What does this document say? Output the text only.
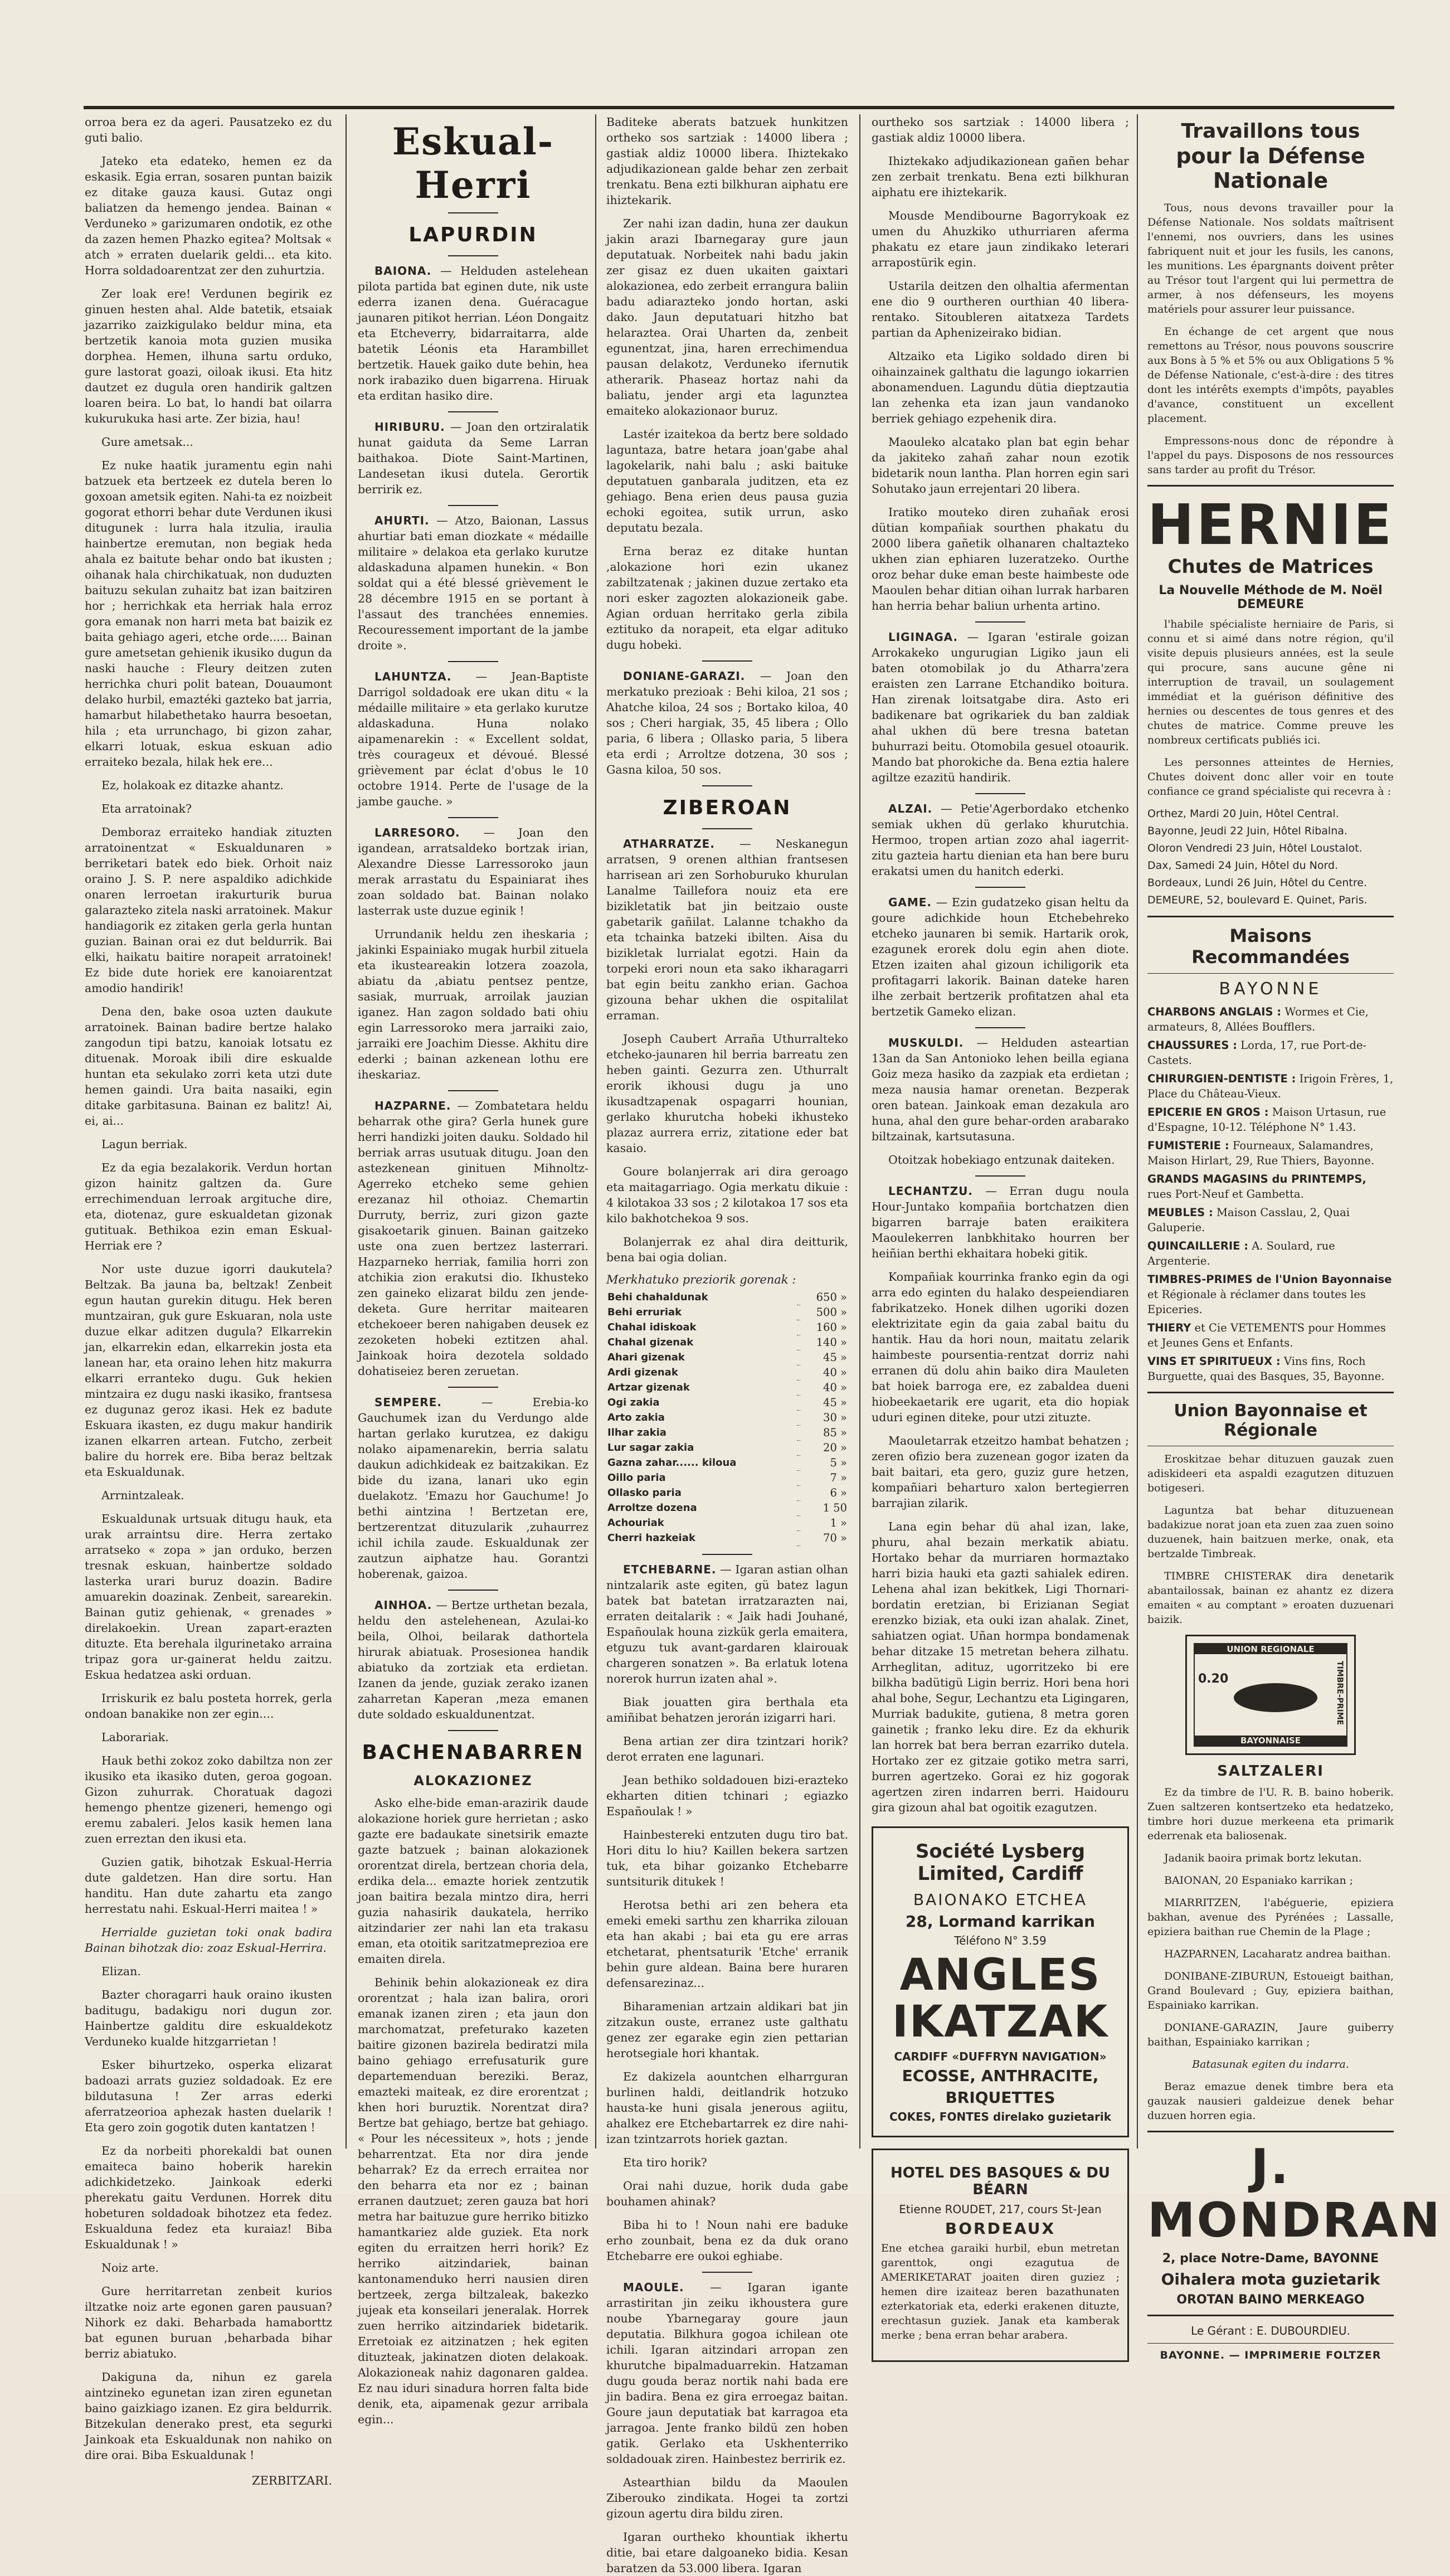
orroa bera ez da ageri. Pausatzeko ez du guti balio.

Jateko eta edateko, hemen ez da eskasik. Egia erran, sosaren puntan baizik ez ditake gauza kausi. Gutaz ongi baliatzen da hemengo jendea. Bainan « Verduneko » garizumaren ondotik, ez othe da zazen hemen Phazko egitea? Moltsak « atch » erraten duelarik geldi... eta kito. Horra soldadoarentzat zer den zuhurtzia.

Zer loak ere! Verdunen begirik ez ginuen hesten ahal. Alde batetik, etsaiak jazarriko zaizkigulako beldur mina, eta bertzetik kanoia mota guzien musika dorphea. Hemen, ilhuna sartu orduko, gure lastorat goazi, oiloak ikusi. Eta hitz dautzet ez dugula oren handirik galtzen loaren beira. Lo bat, lo handi bat oilarra kukurukuka hasi arte. Zer bizia, hau!

Gure ametsak...

Ez nuke haatik juramentu egin nahi batzuek eta bertzeek ez dutela beren lo goxoan ametsik egiten. Nahi-ta ez noizbeit gogorat ethorri behar dute Verdunen ikusi ditugunek : lurra hala itzulia, iraulia hainbertze eremutan, non begiak heda ahala ez baitute behar ondo bat ikusten ; oihanak hala chirchikatuak, non duduzten baituzu sekulan zuhaitz bat izan baitziren hor ; herrichkak eta herriak hala erroz gora emanak non harri meta bat baizik ez baita gehiago ageri, etche orde..... Bainan gure ametsetan gehienik ikusiko dugun da naski hauche : Fleury deitzen zuten herrichka churi polit batean, Douaumont delako hurbil, emaztéki gazteko bat jarria, hamarbut hilabethetako haurra besoetan, hila ; eta urrunchago, bi gizon zahar, elkarri lotuak, eskua eskuan adio erraiteko bezala, hilak hek ere...

Ez, holakoak ez ditazke ahantz.

Eta arratoinak?

Demboraz erraiteko handiak zituzten arratoinentzat « Eskualdunaren » berriketari batek edo biek. Orhoit naiz oraino J. S. P. nere aspaldiko adichkide onaren lerroetan irakurturik burua galarazteko zitela naski arratoinek. Makur handiagorik ez zitaken gerla gerla huntan guzian. Bainan orai ez dut beldurrik. Bai elki, haikatu baitire norapeit arratoinek! Ez bide dute horiek ere kanoiarentzat amodio handirik!

Dena den, bake osoa uzten daukute arratoinek. Bainan badire bertze halako zangodun tipi batzu, kanoiak lotsatu ez dituenak. Moroak ibili dire eskualde huntan eta sekulako zorri keta utzi dute hemen gaindi. Ura baita nasaiki, egin ditake garbitasuna. Bainan ez balitz! Ai, ei, ai...

Lagun berriak.

Ez da egia bezalakorik. Verdun hortan gizon hainitz galtzen da. Gure errechimenduan lerroak argituche dire, eta, diotenaz, gure eskualdetan gizonak gutituak. Bethikoa ezin eman Eskual-Herriak ere ?

Nor uste duzue igorri daukutela? Beltzak. Ba jauna ba, beltzak! Zenbeit egun hautan gurekin ditugu. Hek beren muntzairan, guk gure Eskuaran, nola uste duzue elkar aditzen dugula? Elkarrekin jan, elkarrekin edan, elkarrekin josta eta lanean har, eta oraino lehen hitz makurra elkarri erranteko dugu. Guk hekien mintzaira ez dugu naski ikasiko, frantsesa ez dugunaz geroz ikasi. Hek ez badute Eskuara ikasten, ez dugu makur handirik izanen elkarren artean. Futcho, zerbeit balire du horrek ere. Biba beraz beltzak eta Eskualdunak.

Arrnintzaleak.

Eskualdunak urtsuak ditugu hauk, eta urak arraintsu dire. Herra zertako arratseko « zopa » jan orduko, berzen tresnak eskuan, hainbertze soldado lasterka urari buruz doazin. Badire amuarekin doazinak. Zenbeit, sarearekin. Bainan gutiz gehienak, « grenades » direlakoekin. Urean zapart-erazten dituzte. Eta berehala ilgurinetako arraina tripaz gora ur-gainerat heldu zaitzu. Eskua hedatzea aski orduan.

Irriskurik ez balu posteta horrek, gerla ondoan banakike non zer egin....

Laborariak.

Hauk bethi zokoz zoko dabiltza non zer ikusiko eta ikasiko duten, geroa gogoan. Gizon zuhurrak. Choratuak dagozi hemengo phentze gizeneri, hemengo ogi eremu zabaleri. Jelos kasik hemen lana zuen erreztan den ikusi eta.

Guzien gatik, bihotzak Eskual-Herria dute galdetzen. Han dire sortu. Han handitu. Han dute zahartu eta zango herrestatu nahi. Eskual-Herri maitea ! »

Herrialde guzietan toki onak badira Bainan bihotzak dio: zoaz Eskual-Herrira.

Elizan.

Bazter choragarri hauk oraino ikusten baditugu, badakigu nori dugun zor. Hainbertze galditu dire eskualdekotz Verduneko kualde hitzgarrietan !

Esker bihurtzeko, osperka elizarat badoazi arrats guziez soldadoak. Ez ere bildutasuna ! Zer arras ederki aferratzeorioa aphezak hasten duelarik ! Eta gero zoin gogotik duten kantatzen !

Ez da norbeiti phorekaldi bat ounen emaiteca baino hoberik harekin adichkidetzeko. Jainkoak ederki pherekatu gaitu Verdunen. Horrek ditu hobeturen soldadoak bihotzez eta fedez. Eskualduna fedez eta kuraiaz! Biba Eskualdunak ! »

Noiz arte.

Gure herritarretan zenbeit kurios iltzatke noiz arte egonen garen pausuan? Nihork ez daki. Beharbada hamaborttz bat egunen buruan ,beharbada bihar berriz abiatuko.

Dakiguna da, nihun ez garela aintzineko egunetan izan ziren egunetan baino gaizkiago izanen. Ez gira beldurrik. Bitzekulan denerako prest, eta segurki Jainkoak eta Eskualdunak non nahiko on dire orai. Biba Eskualdunak !

ZERBITZARI.
Eskual-Herri
LAPURDIN

BAIONA. — Helduden astelehean pilota partida bat eginen dute, nik uste ederra izanen dena. Guéracague jaunaren pitikot herrian. Léon Dongaitz eta Etcheverry, bidarraitarra, alde batetik Léonis eta Harambillet bertzetik. Hauek gaiko dute behin, hea nork irabaziko duen bigarrena. Hiruak eta erditan hasiko dire.

HIRIBURU. — Joan den ortziralatik hunat gaiduta da Seme Larran baithakoa. Diote Saint-Martinen, Landesetan ikusi dutela. Gerortik berririk ez.

AHURTI. — Atzo, Baionan, Lassus ahurtiar bati eman diozkate « médaille militaire » delakoa eta gerlako kurutze aldaskaduna alpamen hunekin. « Bon soldat qui a été blessé grièvement le 28 décembre 1915 en se portant à l'assaut des tranchées ennemies. Recouressement important de la jambe droite ».

LAHUNTZA. — Jean-Baptiste Darrigol soldadoak ere ukan ditu « la médaille militaire » eta gerlako kurutze aldaskaduna. Huna nolako aipamenarekin : « Excellent soldat, très courageux et dévoué. Blessé grièvement par éclat d'obus le 10 octobre 1914. Perte de l'usage de la jambe gauche. »

LARRESORO. — Joan den igandean, arratsaldeko bortzak irian, Alexandre Diesse Larressoroko jaun merak arrastatu du Espainiarat ihes zoan soldado bat. Bainan nolako lasterrak uste duzue eginik !

Urrundanik heldu zen iheskaria ; jakinki Espainiako mugak hurbil zituela eta ikusteareakin lotzera zoazola, abiatu da ,abiatu pentsez pentze, sasiak, murruak, arroilak jauzian iganez. Han zagon soldado bati ohiu egin Larressoroko mera jarraiki zaio, jarraiki ere Joachim Diesse. Akhitu dire ederki ; bainan azkenean lothu ere iheskariaz.

HAZPARNE. — Zombatetara heldu beharrak othe gira? Gerla hunek gure herri handizki joiten dauku. Soldado hil berriak arras usutuak ditugu. Joan den astezkenean ginituen Mihnoltz-Agerreko etcheko seme gehien erezanaz hil othoiaz. Chemartin Durruty, berriz, zuri gizon gazte gisakoetarik ginuen. Bainan gaitzeko uste ona zuen bertzez lasterrari. Hazparneko herriak, familia horri zon atchikia zion erakutsi dio. Ikhusteko zen gaineko elizarat bildu zen jende-deketa. Gure herritar maitearen etchekoeer beren nahigaben deusek ez zezoketen hobeki eztitzen ahal. Jainkoak hoira dezotela soldado dohatiseiez beren zeruetan.

SEMPERE.	— Erebia-ko Gauchumek izan du Verdungo alde hartan gerlako kurutzea, ez dakigu nolako aipamenarekin, berria salatu daukun adichkideak ez baitzakikan. Ez bide du izana, lanari uko egin duelakotz. 'Emazu hor Gauchume! Jo bethi aintzina ! Bertzetan ere, bertzerentzat dituzularik ,zuhaurrez ichil ichila zaude. Eskualdunak zer zautzun aiphatze hau. Gorantzi hoberenak, gaizoa.

AINHOA. — Bertze urthetan bezala, heldu den astelehenean, Azulai-ko beila, Olhoi, beilarak dathortela hirurak abiatuak. Prosesionea handik abiatuko da zortziak eta erdietan. Izanen da jende, guziak zerako izanen zaharretan Kaperan ,meza emanen dute soldado eskualdunentzat.

BACHENABARREN
ALOKAZIONEZ

Asko elhe-bide eman-arazirik daude alokazione horiek gure herrietan ; asko gazte ere badaukate sinetsirik emazte gazte batzuek ; bainan alokazionek ororentzat direla, bertzean choria dela, erdika dela... emazte horiek zentzutik joan baitira bezala mintzo dira, herri guzia nahasirik daukatela, herriko aitzindarier zer nahi lan eta trakasu eman, eta otoitik saritzatmeprezioa ere emaiten direla.

Behinik behin alokazioneak ez dira ororentzat ; hala izan balira, orori emanak izanen ziren ; eta jaun don marchomatzat, prefeturako kazeten baitire gizonen bazirela bediratzi mila baino gehiago errefusaturik gure departemenduan bereziki. Beraz, emazteki maiteak, ez dire erorentzat ; khen hori buruztik. Norentzat dira? Bertze bat gehiago, bertze bat gehiago. « Pour les nécessiteux », hots ; jende beharrentzat. Eta nor dira jende beharrak? Ez da errech erraitea nor den beharra eta nor ez ; bainan erranen dautzuet; zeren gauza bat hori metra har baituzue gure herriko bitizko hamantkariez alde guziek. Eta nork egiten du erraitzen herri horik? Ez herriko aitzindariek, bainan kantonamenduko herri nausien diren bertzeek, zerga biltzaleak, bakezko jujeak eta konseilari jeneralak. Horrek zuen herriko aitzindariek bidetarik. Erretoiak ez aitzinatzen ; hek egiten dituzteak, jakinatzen dioten delakoak. Alokazioneak nahiz dagonaren galdea. Ez nau iduri sinadura horren falta bide denik, eta, aipamenak gezur arribala egin...

Baditeke aberats batzuek hunkitzen ortheko sos sartziak : 14000 libera ; gastiak aldiz 10000 libera. Ihiztekako adjudikazionean galde behar zen zerbait trenkatu. Bena ezti bilkhuran aiphatu ere ihiztekarik.

Zer nahi izan dadin, huna zer daukun jakin arazi Ibarnegaray gure jaun deputatuak. Norbeitek nahi badu jakin zer gisaz ez duen ukaiten gaixtari alokazionea, edo zerbeit errangura baliin badu adiarazteko jondo hortan, aski dako. Jaun deputatuari hitzho bat helaraztea. Orai Uharten da, zenbeit egunentzat, jina, haren errechimendua pausan delakotz, Verduneko ifernutik atherarik. Phaseaz hortaz nahi da baliatu, jender argi eta lagunztea emaiteko alokazionaor buruz.

Lastér izaitekoa da bertz bere soldado laguntaza, batre hetara joan'gabe ahal lagokelarik, nahi balu ; aski baituke deputatuen ganbarala juditzen, eta ez gehiago. Bena erien deus pausa guzia echoki egoitea, sutik urrun, asko deputatu bezala.

Erna beraz ez ditake huntan ,alokazione hori ezin ukanez zabiltzatenak ; jakinen duzue zertako eta nori esker zagozten alokazioneik gabe. Agian orduan herritako gerla zibila eztituko da norapeit, eta elgar adituko dugu hobeki.

DONIANE-GARAZI. — Joan den merkatuko prezioak : Behi kiloa, 21 sos ; Ahatche kiloa, 24 sos ; Bortako kiloa, 40 sos ; Cheri hargiak, 35, 45 libera ; Ollo paria, 6 libera ; Ollasko paria, 5 libera eta erdi ; Arroltze dotzena, 30 sos ; Gasna kiloa, 50 sos.

ZIBEROAN

ATHARRATZE. — Neskanegun arratsen, 9 orenen althian frantsesen harrisean ari zen Sorhoburuko khurulan Lanalme Taillefora nouiz eta ere bizikletatik bat jin beitzaio ouste gabetarik gañilat. Lalanne tchakho da eta tchainka batzeki ibilten. Aisa du bizikletak lurrialat egotzi. Hain da torpeki erori noun eta sako ikharagarri bat egin beitu zankho erian. Gachoa gizouna behar ukhen die ospitalilat erraman.

Joseph Caubert Arraña Uthurralteko etcheko-jaunaren hil berria barreatu zen heben gainti. Gezurra zen. Uthurralt erorik ikhousi dugu ja uno ikusadtzapenak ospagarri hounian, gerlako khurutcha hobeki ikhusteko plazaz aurrera erriz, zitatione eder bat kasaio.

Goure bolanjerrak ari dira geroago eta maitagarriago. Ogia merkatu dikuie : 4 kilotakoa 33 sos ; 2 kilotakoa 17 sos eta kilo bakhotchekoa 9 sos.

Bolanjerrak ez ahal dira deitturik, bena bai ogia dolian.

Merkhatuko preziorik gorenak :
Behi chahaldunak		650 »
Behi erruriak		500 »
Chahal idiskoak		160 »
Chahal gizenak		140 »
Ahari gizenak		45 »
Ardi gizenak		40 »
Artzar gizenak		40 »
Ogi zakia		45 »
Arto zakia		30 »
Ilhar zakia		85 »
Lur sagar zakia		20 »
Gazna zahar...... kiloua		5 »
Oillo paria		7 »
Ollasko paria		6 »
Arroltze dozena		1 50
Achouriak		1 »
Cherri hazkeiak		70 »

ETCHEBARNE. — Igaran astian olhan nintzalarik aste egiten, gü batez lagun batek bat batetan irratzarazten nai, erraten deitalarik : « Jaik hadi Jouhané, Españoulak houna zizkük gerla emaitera, etguzu tuk avant-gardaren klairouak chargeren sonatzen ». Ba erlatuk lotena norerok hurrun izaten ahal ».

Biak jouatten gira berthala eta amiñibat behatzen jerorán izigarri hari.

Bena artian zer dira tzintzari horik? derot erraten ene lagunari.

Jean bethiko soldadouen bizi-erazteko ekharten ditien tchinari ; egiazko Españoulak ! »

Hainbestereki entzuten dugu tiro bat. Hori ditu lo hiu? Kaillen bekera sartzen tuk, eta bihar goizanko Etchebarre suntsiturik ditukek !

Herotsa bethi ari zen behera eta emeki emeki sarthu zen kharrika zilouan eta han akabi ; bai eta gu ere arras etchetarat, phentsaturik 'Etche' erranik behin gure aldean. Baina bere huraren defensarezinaz...

Biharamenian artzain aldikari bat jin zitzakun ouste, erranez uste galthatu genez zer egarake egin zien pettarian herotsegiale hori khantak.

Ez dakizela aountchen elharrguran burlinen haldi, deitlandrik hotzuko hausta-ke huni gisala jenerous agiitu, ahalkez ere Etchebartarrek ez dire nahi-izan tzintzarrots horiek gaztan.

Eta tiro horik?

Orai nahi duzue, horik duda gabe bouhamen ahinak?

Biba hi to ! Noun nahi ere baduke erho zounbait, bena ez da duk orano Etchebarre ere oukoi eghiabe.

MAOULE. — Igaran igante arrastiritan jin zeiku ikhoustera gure noube Ybarnegaray goure jaun deputatia. Bilkhura gogoa ichilean ote ichili. Igaran aitzindari arropan zen khurutche bipalmaduarrekin. Hatzaman dugu gouda beraz nortik nahi bada ere jin badira. Bena ez gira erroegaz baitan. Goure jaun deputatiak bat karragoa eta jarragoa. Jente franko bildü zen hoben gatik. Gerlako eta Uskhenterriko soldadouak ziren. Hainbestez berririk ez.

Astearthian bildu da Maoulen Ziberouko zindikata. Hogei ta zortzi gizoun agertu dira bildu ziren.

Igaran ourtheko khountiak ikhertu ditie, bai etare dalgoaneko bidia. Kesan baratzen da 53.000 libera. Igaran

ourtheko sos sartziak : 14000 libera ; gastiak aldiz 10000 libera.

Ihiztekako adjudikazionean gañen behar zen zerbait trenkatu. Bena ezti bilkhuran aiphatu ere ihiztekarik.

Mousde Mendibourne Bagorrykoak ez umen du Ahuzkiko uthurriaren aferma phakatu ez etare jaun zindikako leterari arrapostürik egin.

Ustarila deitzen den olhaltia afermentan ene dio 9 ourtheren ourthian 40 libera-rentako. Sitoubleren aitatxeza Tardets partian da Aphenizeirako bidian.

Altzaiko eta Ligiko soldado diren bi oihainzainek galthatu die lagungo iokarrien abonamenduen. Lagundu dütia dieptzautia lan zehenka eta izan jaun vandanoko berriek gehiago ezpehenik dira.

Maouleko alcatako plan bat egin behar da jakiteko zahañ zahar noun ezotik bidetarik noun lantha. Plan horren egin sari Sohutako jaun errejentari 20 libera.

Iratiko mouteko diren zuhañak erosi dütian kompañiak sourthen phakatu du 2000 libera gañetik olhanaren chaltazteko ukhen zian ephiaren luzeratzeko. Ourthe oroz behar duke eman beste haimbeste ode Maoulen behar ditian oihan lurrak harbaren han herria behar baliun urhenta artino.

LIGINAGA. — Igaran 'estirale goizan Arrokakeko ungurugian Ligiko jaun eli baten otomobilak jo du Atharra'zera eraisten zen Larrane Etchandiko boitura. Han zirenak loitsatgabe dira. Asto eri badikenare bat ogrikariek du ban zaldiak ahal ukhen dü bere tresna batetan buhurrazi beitu. Otomobila gesuel otoaurik. Mando bat phorokiche da. Bena eztia halere agiltze ezazitü handirik.

ALZAI. — Petie'Agerbordako etchenko semiak ukhen dü gerlako khurutchia. Hermoo, tropen artian zozo ahal iagerrit-zitu gazteia hartu dienian eta han bere buru erakatsi umen du hanitch ederki.

GAME. — Ezin gudatzeko gisan heltu da goure adichkide houn Etchebehreko etcheko jaunaren bi semik. Hartarik orok, ezagunek erorek dolu egin ahen diote. Etzen izaiten ahal gizoun ichiligorik eta profitagarri lakorik. Bainan dateke haren ilhe zerbait bertzerik profitatzen ahal eta bertzetik Gameko elizan.

MUSKULDI. — Helduden asteartian 13an da San Antonioko lehen beilla egiana Goiz meza hasiko da zazpiak eta erdietan ; meza nausia hamar orenetan. Bezperak oren batean. Jainkoak eman dezakula aro huna, ahal den gure behar-orden arabarako biltzainak, kartsutasuna.

Otoitzak hobekiago entzunak daiteken.

LECHANTZU. — Erran dugu noula Hour-Juntako kompañia bortchatzen dien bigarren barraje baten eraikitera Maoulekerren lanbkhitako hourren ber heiñian berthi ekhaitara hobeki gitik.

Kompañiak kourrinka franko egin da ogi arra edo eginten du halako despeiendiaren fabrikatzeko. Honek dilhen ugoriki dozen elektrizitate egin da gaia zabal baitu du hantik. Hau da hori noun, maitatu zelarik haimbeste poursentia-rentzat dorriz nahi erranen dü dolu ahin baiko dira Mauleten bat hoiek barroga ere, ez zabaldea dueni hiobeekaetarik ere ugarit, eta dio hopiak uduri eginen diteke, pour utzi zituzte.

Maouletarrak etzeitzo hambat behatzen ; zeren ofizio bera zuzenean gogor izaten da bait baitari, eta gero, guziz gure hetzen, kompañiari beharturo xalon bertegierren barrajian zilarik.

Lana egin behar dü ahal izan, lake, phuru, ahal bezain merkatik abiatu. Hortako behar da murriaren hormaztako harri bizia hauki eta gazti sahialek ediren. Lehena ahal izan bekitkek, Ligi Thornari-bordatin eretzian, bi Erizianan Segiat erenzko biziak, eta ouki izan ahalak. Zinet, sahiatzen ogiat. Uñan hormpa bondamenak behar ditzake 15 metretan behera zilhatu. Arrheglitan, adituz, ugorritzeko bi ere bilkha badütigü Ligin berriz. Hori bena hori ahal bohe, Segur, Lechantzu eta Ligingaren, Murriak badukite, gutiena, 8 metra goren gainetik ; franko leku dire. Ez da ekhurik lan horrek bat bera berran ezarriko dutela. Hortako zer ez gitzaie gotiko metra sarri, burren agertzeko. Gorai ez hiz gogorak agertzen ziren indarren berri. Haidouru gira gizoun ahal bat ogoitik ezagutzen.

Société Lysberg Limited, Cardiff
BAIONAKO ETCHEA
28, Lormand karrikan
Téléfono N° 3.59
ANGLES IKATZAK
CARDIFF «DUFFRYN NAVIGATION»
ECOSSE, ANTHRACITE,
BRIQUETTES
COKES, FONTES direlako guzietarik
HOTEL DES BASQUES & DU BÉARN
Etienne ROUDET, 217, cours St-Jean
BORDEAUX

Ene etchea garaiki hurbil, ebun metretan garenttok, ongi ezagutua de AMERIKETARAT joaiten diren guziez ; hemen dire izaiteaz beren bazathunaten ezterkatoriak eta, ederki erakenen dituzte, erechtasun guziek. Janak eta kamberak merke ; bena erran behar arabera.

Travaillons tous
pour la Défense Nationale

Tous, nous devons travailler pour la Défense Nationale. Nos soldats maîtrisent l'ennemi, nos ouvriers, dans les usines fabriquent nuit et jour les fusils, les canons, les munitions. Les épargnants doivent prêter au Trésor tout l'argent qui lui permettra de armer, à nos défenseurs, les moyens matériels pour assurer leur puissance.

En échange de cet argent que nous remettons au Trésor, nous pouvons souscrire aux Bons à 5 % et 5% ou aux Obligations 5 % de Défense Nationale, c'est-à-dire : des titres dont les intérêts exempts d'impôts, payables d'avance, constituent un excellent placement.

Empressons-nous donc de répondre à l'appel du pays. Disposons de nos ressources sans tarder au profit du Trésor.

HERNIE
Chutes de Matrices
La Nouvelle Méthode de M. Noël DEMEURE

l'habile spécialiste herniaire de Paris, si connu et si aimé dans notre région, qu'il visite depuis plusieurs années, est la seule qui procure, sans aucune gêne ni interruption de travail, un soulagement immédiat et la guérison définitive des hernies ou descentes de tous genres et des chutes de matrice. Comme preuve les nombreux certificats publiés ici.

Les personnes atteintes de Hernies, Chutes doivent donc aller voir en toute confiance ce grand spécialiste qui recevra à :

Orthez, Mardi 20 Juin, Hôtel Central.
Bayonne, Jeudi 22 Juin, Hôtel Ribalna.
Oloron Vendredi 23 Juin, Hôtel Loustalot.
Dax, Samedi 24 Juin, Hôtel du Nord.
Bordeaux, Lundi 26 Juin, Hôtel du Centre.
DEMEURE, 52, boulevard E. Quinet, Paris.
Maisons Recommandées
BAYONNE

CHARBONS ANGLAIS : Wormes et Cie, armateurs, 8, Allées Boufflers.

CHAUSSURES : Lorda, 17, rue Port-de-Castets.

CHIRURGIEN-DENTISTE : Irigoin Frères, 1, Place du Château-Vieux.

EPICERIE EN GROS : Maison Urtasun, rue d'Espagne, 10-12. Téléphone N° 1.43.

FUMISTERIE : Fourneaux, Salamandres, Maison Hirlart, 29, Rue Thiers, Bayonne.

GRANDS MAGASINS du PRINTEMPS, rues Port-Neuf et Gambetta.

MEUBLES : Maison Casslau, 2, Quai Galuperie.

QUINCAILLERIE : A. Soulard, rue Argenterie.

TIMBRES-PRIMES de l'Union Bayonnaise et Régionale à réclamer dans toutes les Epiceries.

THIERY et Cie VETEMENTS pour Hommes et Jeunes Gens et Enfants.

VINS ET SPIRITUEUX : Vins fins, Roch Burguette, quai des Basques, 35, Bayonne.

Union Bayonnaise et Régionale

Eroskitzae behar dituzuen gauzak zuen adiskideeri eta aspaldi ezagutzen dituzuen botigeseri.

Laguntza bat behar dituzuenean badakizue norat joan eta zuen zaa zuen soino duzuenek, hain baitzuen merke, onak, eta bertzalde Timbreak.

TIMBRE CHISTERAK dira denetarik abantailossak, bainan ez ahantz ez dizera emaiten « au comptant » eroaten duzuenari baizik.

UNION REGIONALE
0.20	TIMBRE-PRIME
BAYONNAISE
SALTZALERI

Ez da timbre de l'U. R. B. baino hoberik. Zuen saltzeren kontsertzeko eta hedatzeko, timbre hori duzue merkeena eta primarik ederrenak eta baliosenak.

Jadanik baoira primak bortz lekutan.

BAIONAN, 20 Espaniako karrikan ;

MIARRITZEN, l'abéguerie, epiziera bakhan, avenue des Pyrénées ; Lassalle, epiziera baithan rue Chemin de la Plage ;

HAZPARNEN, Lacaharatz andrea baithan.

DONIBANE-ZIBURUN, Estoueigt baithan, Grand Boulevard ; Guy, epiziera baithan, Espainiako karrikan.

DONIANE-GARAZIN, Jaure guiberry baithan, Espainiako karrikan ;

Batasunak egiten du indarra.

Beraz emazue denek timbre bera eta gauzak nausieri galdeizue denek behar duzuen horren egia.

J. MONDRAN
2, place Notre-Dame, BAYONNE
Oihalera mota guzietarik
OROTAN BAINO MERKEAGO
Le Gérant : E. DUBOURDIEU.
BAYONNE. — IMPRIMERIE FOLTZER
